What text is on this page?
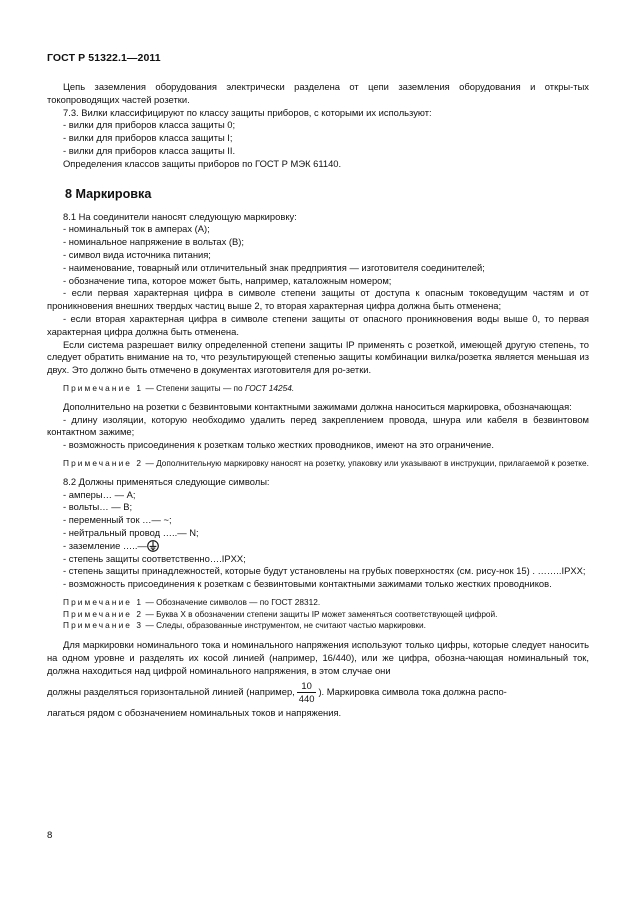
ГОСТ Р 51322.1—2011

Цепь заземления оборудования электрически разделена от цепи заземления оборудования и откры-тых токопроводящих частей розетки.

7.3. Вилки классифицируют по классу защиты приборов, с которыми их используют:

- вилки для приборов класса защиты 0;

- вилки для приборов класса защиты I;

- вилки для приборов класса защиты II.

Определения классов защиты приборов по ГОСТ Р МЭК 61140.

8 Маркировка

8.1 На соединители наносят следующую маркировку:

- номинальный ток в амперах (А);

- номинальное напряжение в вольтах (В);

- символ вида источника питания;

- наименование, товарный или отличительный знак предприятия — изготовителя соединителей;

- обозначение типа, которое может быть, например, каталожным номером;

- если первая характерная цифра в символе степени защиты от доступа к опасным токоведущим частям и от проникновения внешних твердых частиц выше 2, то вторая характерная цифра должна быть отменена;

- если вторая характерная цифра в символе степени защиты от опасного проникновения воды выше 0, то первая характерная цифра должна быть отменена.

Если система разрешает вилку определенной степени защиты IP применять с розеткой, имеющей другую степень, то следует обратить внимание на то, что результирующей степенью защиты комбинации вилка/розетка является меньшая из двух. Это должно быть отмечено в документах изготовителя для ро-зетки.

Примечание 1 — Степени защиты — по ГОСТ 14254.

Дополнительно на розетки с безвинтовыми контактными зажимами должна наноситься маркировка, обозначающая:

- длину изоляции, которую необходимо удалить перед закреплением провода, шнура или кабеля в безвинтовом контактном зажиме;

- возможность присоединения к розеткам только жестких проводников, имеют на это ограничение.

Примечание 2 — Дополнительную маркировку наносят на розетку, упаковку или указывают в инструкции, прилагаемой к розетке.

8.2 Должны применяться следующие символы:

- амперы… — А;

- вольты… — В;

- переменный ток …— ~;

- нейтральный провод …..— N;

- заземление …..—

- степень защиты соответственно….IPXX;

- степень защиты принадлежностей, которые будут установлены на грубых поверхностях (см. рису-нок 15) . ……..IPXX;

- возможность присоединения к розеткам с безвинтовыми контактными зажимами только жестких проводников.

Примечание 1 — Обозначение символов — по ГОСТ 28312.

Примечание 2 — Буква X в обозначении степени защиты IP может заменяться соответствующей цифрой.

Примечание 3 — Следы, образованные инструментом, не считают частью маркировки.

Для маркировки номинального тока и номинального напряжения используют только цифры, которые следует наносить на одном уровне и разделять их косой линией (например, 16/440), или же цифра, обозна-чающая номинальный ток, должна находиться над цифрой номинального напряжения, в этом случае они

должны разделяться горизонтальной линией (например, $\frac{10}{440}$ ). Маркировка символа тока должна распо-

лагаться рядом с обозначением номинальных токов и напряжения.

8
